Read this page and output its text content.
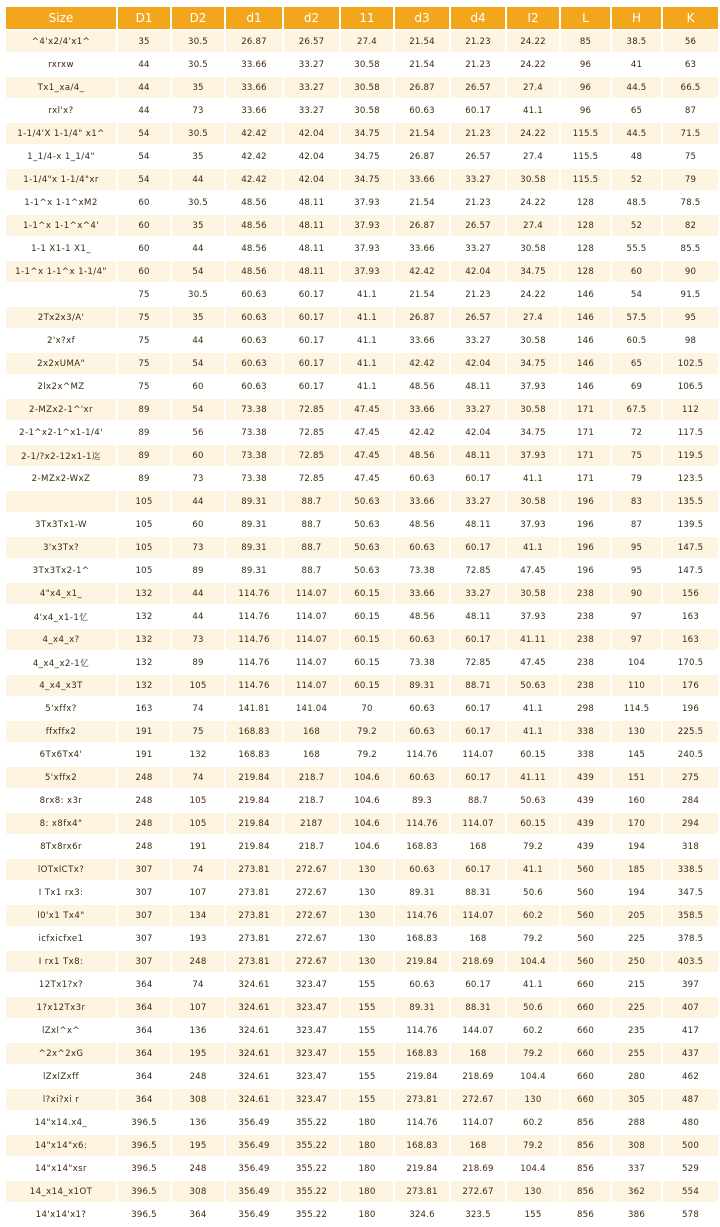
Size	D1	D2	d1	d2	11	d3	d4	I2	L	H	K
^4'x2/4'x1^	35	30.5	26.87	26.57	27.4	21.54	21.23	24.22	85	38.5	56
rxrxw	44	30.5	33.66	33.27	30.58	21.54	21.23	24.22	96	41	63
Tx1_xa/4_	44	35	33.66	33.27	30.58	26.87	26.57	27.4	96	44.5	66.5
rxl'x?	44	73	33.66	33.27	30.58	60.63	60.17	41.1	96	65	87
1-1/4'X 1-1/4" x1^	54	30.5	42.42	42.04	34.75	21.54	21.23	24.22	115.5	44.5	71.5
1_1/4-x 1_1/4"	54	35	42.42	42.04	34.75	26.87	26.57	27.4	115.5	48	75
1-1/4"x 1-1/4"xr	54	44	42.42	42.04	34.75	33.66	33.27	30.58	115.5	52	79
1-1^x 1-1^xM2	60	30.5	48.56	48.11	37.93	21.54	21.23	24.22	128	48.5	78.5
1-1^x 1-1^x^4'	60	35	48.56	48.11	37.93	26.87	26.57	27.4	128	52	82
1-1 X1-1 X1_	60	44	48.56	48.11	37.93	33.66	33.27	30.58	128	55.5	85.5
1-1^x 1-1^x 1-1/4"	60	54	48.56	48.11	37.93	42.42	42.04	34.75	128	60	90
	75	30.5	60.63	60.17	41.1	21.54	21.23	24.22	146	54	91.5
2Tx2x3/A'	75	35	60.63	60.17	41.1	26.87	26.57	27.4	146	57.5	95
2'x?xf	75	44	60.63	60.17	41.1	33.66	33.27	30.58	146	60.5	98
2x2xUMA"	75	54	60.63	60.17	41.1	42.42	42.04	34.75	146	65	102.5
2lx2x^MZ	75	60	60.63	60.17	41.1	48.56	48.11	37.93	146	69	106.5
2-MZx2-1^'xr	89	54	73.38	72.85	47.45	33.66	33.27	30.58	171	67.5	112
2-1^x2-1^x1-1/4'	89	56	73.38	72.85	47.45	42.42	42.04	34.75	171	72	117.5
2-1/?x2-12x1-1迄	89	60	73.38	72.85	47.45	48.56	48.11	37.93	171	75	119.5
2-MZx2-WxZ	89	73	73.38	72.85	47.45	60.63	60.17	41.1	171	79	123.5
	105	44	89.31	88.7	50.63	33.66	33.27	30.58	196	83	135.5
3Tx3Tx1-W	105	60	89.31	88.7	50.63	48.56	48.11	37.93	196	87	139.5
3'x3Tx?	105	73	89.31	88.7	50.63	60.63	60.17	41.1	196	95	147.5
3Tx3Tx2-1^	105	89	89.31	88.7	50.63	73.38	72.85	47.45	196	95	147.5
4"x4_x1_	132	44	114.76	114.07	60.15	33.66	33.27	30.58	238	90	156
4'x4_x1-1忆	132	44	114.76	114.07	60.15	48.56	48.11	37.93	238	97	163
4_x4_x?	132	73	114.76	114.07	60.15	60.63	60.17	41.11	238	97	163
4_x4_x2-1忆	132	89	114.76	114.07	60.15	73.38	72.85	47.45	238	104	170.5
4_x4_x3T	132	105	114.76	114.07	60.15	89.31	88.71	50.63	238	110	176
5'xffx?	163	74	141.81	141.04	70	60.63	60.17	41.1	298	114.5	196
ffxffx2	191	75	168.83	168	79.2	60.63	60.17	41.1	338	130	225.5
6Tx6Tx4'	191	132	168.83	168	79.2	114.76	114.07	60.15	338	145	240.5
5'xffx2	248	74	219.84	218.7	104.6	60.63	60.17	41.11	439	151	275
8rx8: x3r	248	105	219.84	218.7	104.6	89.3	88.7	50.63	439	160	284
8: x8fx4"	248	105	219.84	2187	104.6	114.76	114.07	60.15	439	170	294
8Tx8rx6r	248	191	219.84	218.7	104.6	168.83	168	79.2	439	194	318
lOTxlCTx?	307	74	273.81	272.67	130	60.63	60.17	41.1	560	185	338.5
I Tx1 rx3:	307	107	273.81	272.67	130	89.31	88.31	50.6	560	194	347.5
l0'x1 Tx4"	307	134	273.81	272.67	130	114.76	114.07	60.2	560	205	358.5
icfxicfxe1	307	193	273.81	272.67	130	168.83	168	79.2	560	225	378.5
I rx1 Tx8:	307	248	273.81	272.67	130	219.84	218.69	104.4	560	250	403.5
12Tx1?x?	364	74	324.61	323.47	155	60.63	60.17	41.1	660	215	397
1?x12Tx3r	364	107	324.61	323.47	155	89.31	88.31	50.6	660	225	407
lZxl^x^	364	136	324.61	323.47	155	114.76	144.07	60.2	660	235	417
^2x^2xG	364	195	324.61	323.47	155	168.83	168	79.2	660	255	437
lZxlZxff	364	248	324.61	323.47	155	219.84	218.69	104.4	660	280	462
l?xi?xi r	364	308	324.61	323.47	155	273.81	272.67	130	660	305	487
14"x14.x4_	396.5	136	356.49	355.22	180	114.76	114.07	60.2	856	288	480
14"x14"x6:	396.5	195	356.49	355.22	180	168.83	168	79.2	856	308	500
14"x14"xsr	396.5	248	356.49	355.22	180	219.84	218.69	104.4	856	337	529
14_x14_x1OT	396.5	308	356.49	355.22	180	273.81	272.67	130	856	362	554
14'x14'x1?	396.5	364	356.49	355.22	180	324.6	323.5	155	856	386	578
